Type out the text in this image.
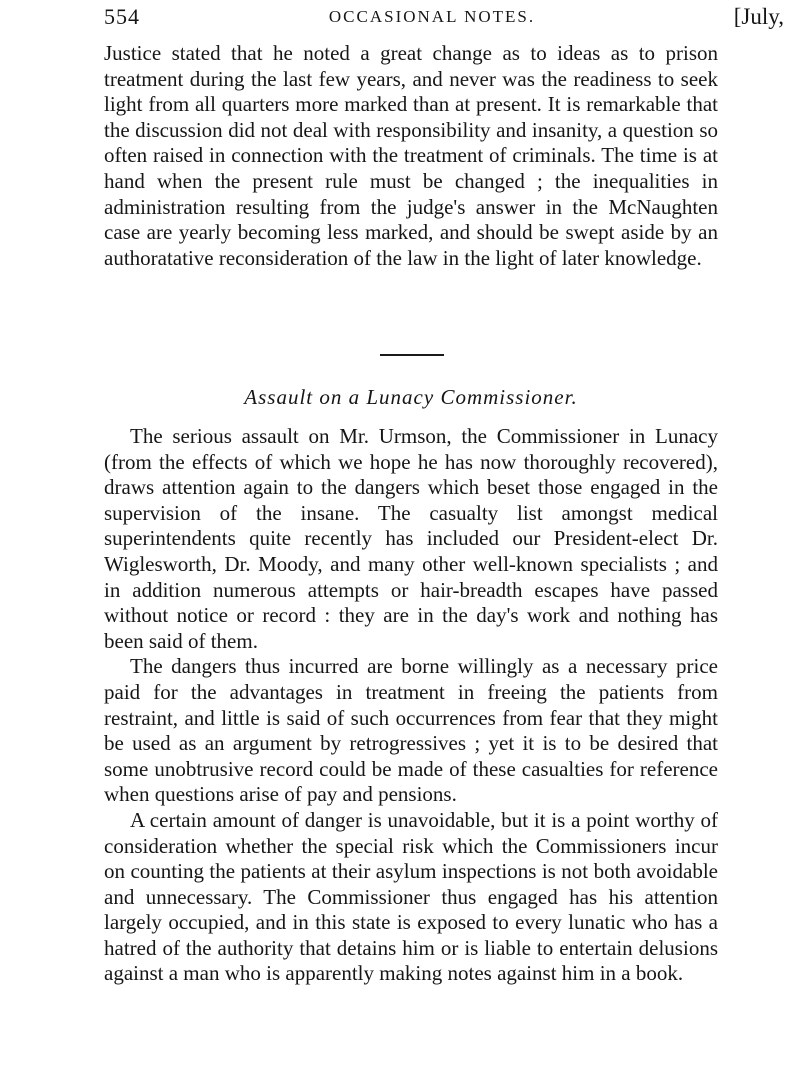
554	OCCASIONAL NOTES.	[July,

Justice stated that he noted a great change as to ideas as to prison treatment during the last few years, and never was the readiness to seek light from all quarters more marked than at present. It is remarkable that the discussion did not deal with responsibility and insanity, a question so often raised in connection with the treatment of criminals. The time is at hand when the present rule must be changed ; the inequalities in administration resulting from the judge's answer in the McNaughten case are yearly becoming less marked, and should be swept aside by an authoratative reconsideration of the law in the light of later knowledge.

Assault on a Lunacy Commissioner.

The serious assault on Mr. Urmson, the Commissioner in Lunacy (from the effects of which we hope he has now thoroughly recovered), draws attention again to the dangers which beset those engaged in the supervision of the insane. The casualty list amongst medical superintendents quite recently has included our President-elect Dr. Wiglesworth, Dr. Moody, and many other well-known specialists ; and in addition numerous attempts or hair-breadth escapes have passed without notice or record : they are in the day's work and nothing has been said of them.

The dangers thus incurred are borne willingly as a necessary price paid for the advantages in treatment in freeing the patients from restraint, and little is said of such occurrences from fear that they might be used as an argument by retrogressives ; yet it is to be desired that some unobtrusive record could be made of these casualties for reference when questions arise of pay and pensions.

A certain amount of danger is unavoidable, but it is a point worthy of consideration whether the special risk which the Commissioners incur on counting the patients at their asylum inspections is not both avoidable and unnecessary. The Commissioner thus engaged has his attention largely occupied, and in this state is exposed to every lunatic who has a hatred of the authority that detains him or is liable to entertain delusions against a man who is apparently making notes against him in a book.
